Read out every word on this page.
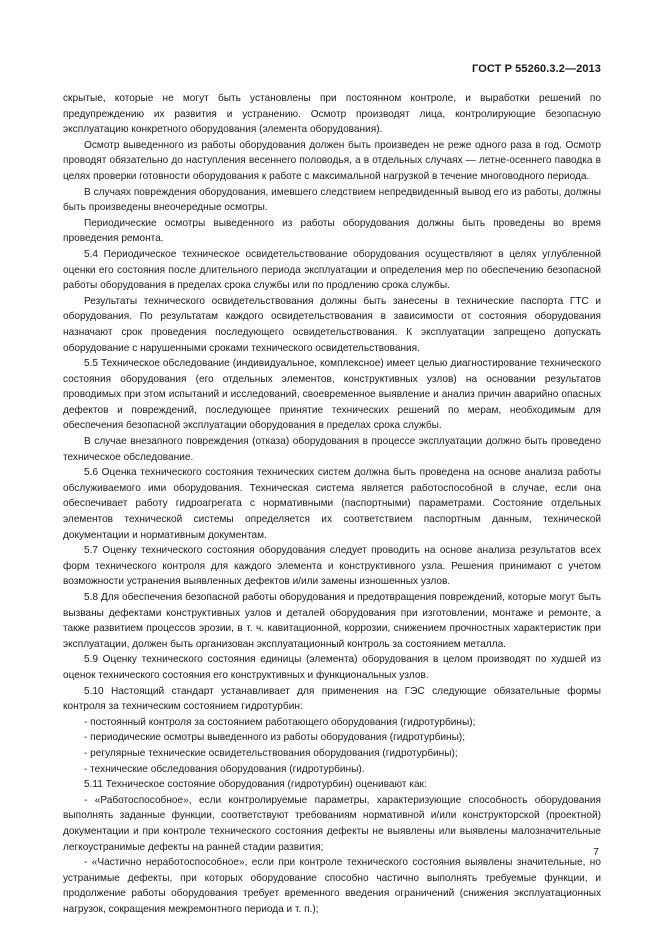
ГОСТ Р 55260.3.2—2013

скрытые, которые не могут быть установлены при постоянном контроле, и выработки решений по предупреждению их развития и устранению. Осмотр производят лица, контролирующие безопасную эксплуатацию конкретного оборудования (элемента оборудования).

Осмотр выведенного из работы оборудования должен быть произведен не реже одного раза в год. Осмотр проводят обязательно до наступления весеннего половодья, а в отдельных случаях — летне-осеннего паводка в целях проверки готовности оборудования к работе с максимальной нагрузкой в течение многоводного периода.

В случаях повреждения оборудования, имевшего следствием непредвиденный вывод его из работы, должны быть произведены внеочередные осмотры.

Периодические осмотры выведенного из работы оборудования должны быть проведены во время проведения ремонта.

5.4 Периодическое техническое освидетельствование оборудования осуществляют в целях углубленной оценки его состояния после длительного периода эксплуатации и определения мер по обеспечению безопасной работы оборудования в пределах срока службы или по продлению срока службы.

Результаты технического освидетельствования должны быть занесены в технические паспорта ГТС и оборудования. По результатам каждого освидетельствования в зависимости от состояния оборудования назначают срок проведения последующего освидетельствования. К эксплуатации запрещено допускать оборудование с нарушенными сроками технического освидетельствования.

5.5 Техническое обследование (индивидуальное, комплексное) имеет целью диагностирование технического состояния оборудования (его отдельных элементов, конструктивных узлов) на основании результатов проводимых при этом испытаний и исследований, своевременное выявление и анализ причин аварийно опасных дефектов и повреждений, последующее принятие технических решений по мерам, необходимым для обеспечения безопасной эксплуатации оборудования в пределах срока службы.

В случае внезапного повреждения (отказа) оборудования в процессе эксплуатации должно быть проведено техническое обследование.

5.6 Оценка технического состояния технических систем должна быть проведена на основе анализа работы обслуживаемого ими оборудования. Техническая система является работоспособной в случае, если она обеспечивает работу гидроагрегата с нормативными (паспортными) параметрами. Состояние отдельных элементов технической системы определяется их соответствием паспортным данным, технической документации и нормативным документам.

5.7 Оценку технического состояния оборудования следует проводить на основе анализа результатов всех форм технического контроля для каждого элемента и конструктивного узла. Решения принимают с учетом возможности устранения выявленных дефектов и/или замены изношенных узлов.

5.8 Для обеспечения безопасной работы оборудования и предотвращения повреждений, которые могут быть вызваны дефектами конструктивных узлов и деталей оборудования при изготовлении, монтаже и ремонте, а также развитием процессов эрозии, в т. ч. кавитационной, коррозии, снижением прочностных характеристик при эксплуатации, должен быть организован эксплуатационный контроль за состоянием металла.

5.9 Оценку технического состояния единицы (элемента) оборудования в целом производят по худшей из оценок технического состояния его конструктивных и функциональных узлов.

5.10 Настоящий стандарт устанавливает для применения на ГЭС следующие обязательные формы контроля за техническим состоянием гидротурбин:

- постоянный контроля за состоянием работающего оборудования (гидротурбины);

- периодические осмотры выведенного из работы оборудования (гидротурбины);

- регулярные технические освидетельствования оборудования (гидротурбины);

- технические обследования оборудования (гидротурбины).

5.11 Техническое состояние оборудования (гидротурбин) оценивают как:

- «Работоспособное», если контролируемые параметры, характеризующие способность оборудования выполнять заданные функции, соответствуют требованиям нормативной и/или конструкторской (проектной) документации и при контроле технического состояния дефекты не выявлены или выявлены малозначительные легкоустранимые дефекты на ранней стадии развития;

- «Частично неработоспособное», если при контроле технического состояния выявлены значительные, но устранимые дефекты, при которых оборудование способно частично выполнять требуемые функции, и продолжение работы оборудования требует временного введения ограничений (снижения эксплуатационных нагрузок, сокращения межремонтного периода и т. п.);

7
